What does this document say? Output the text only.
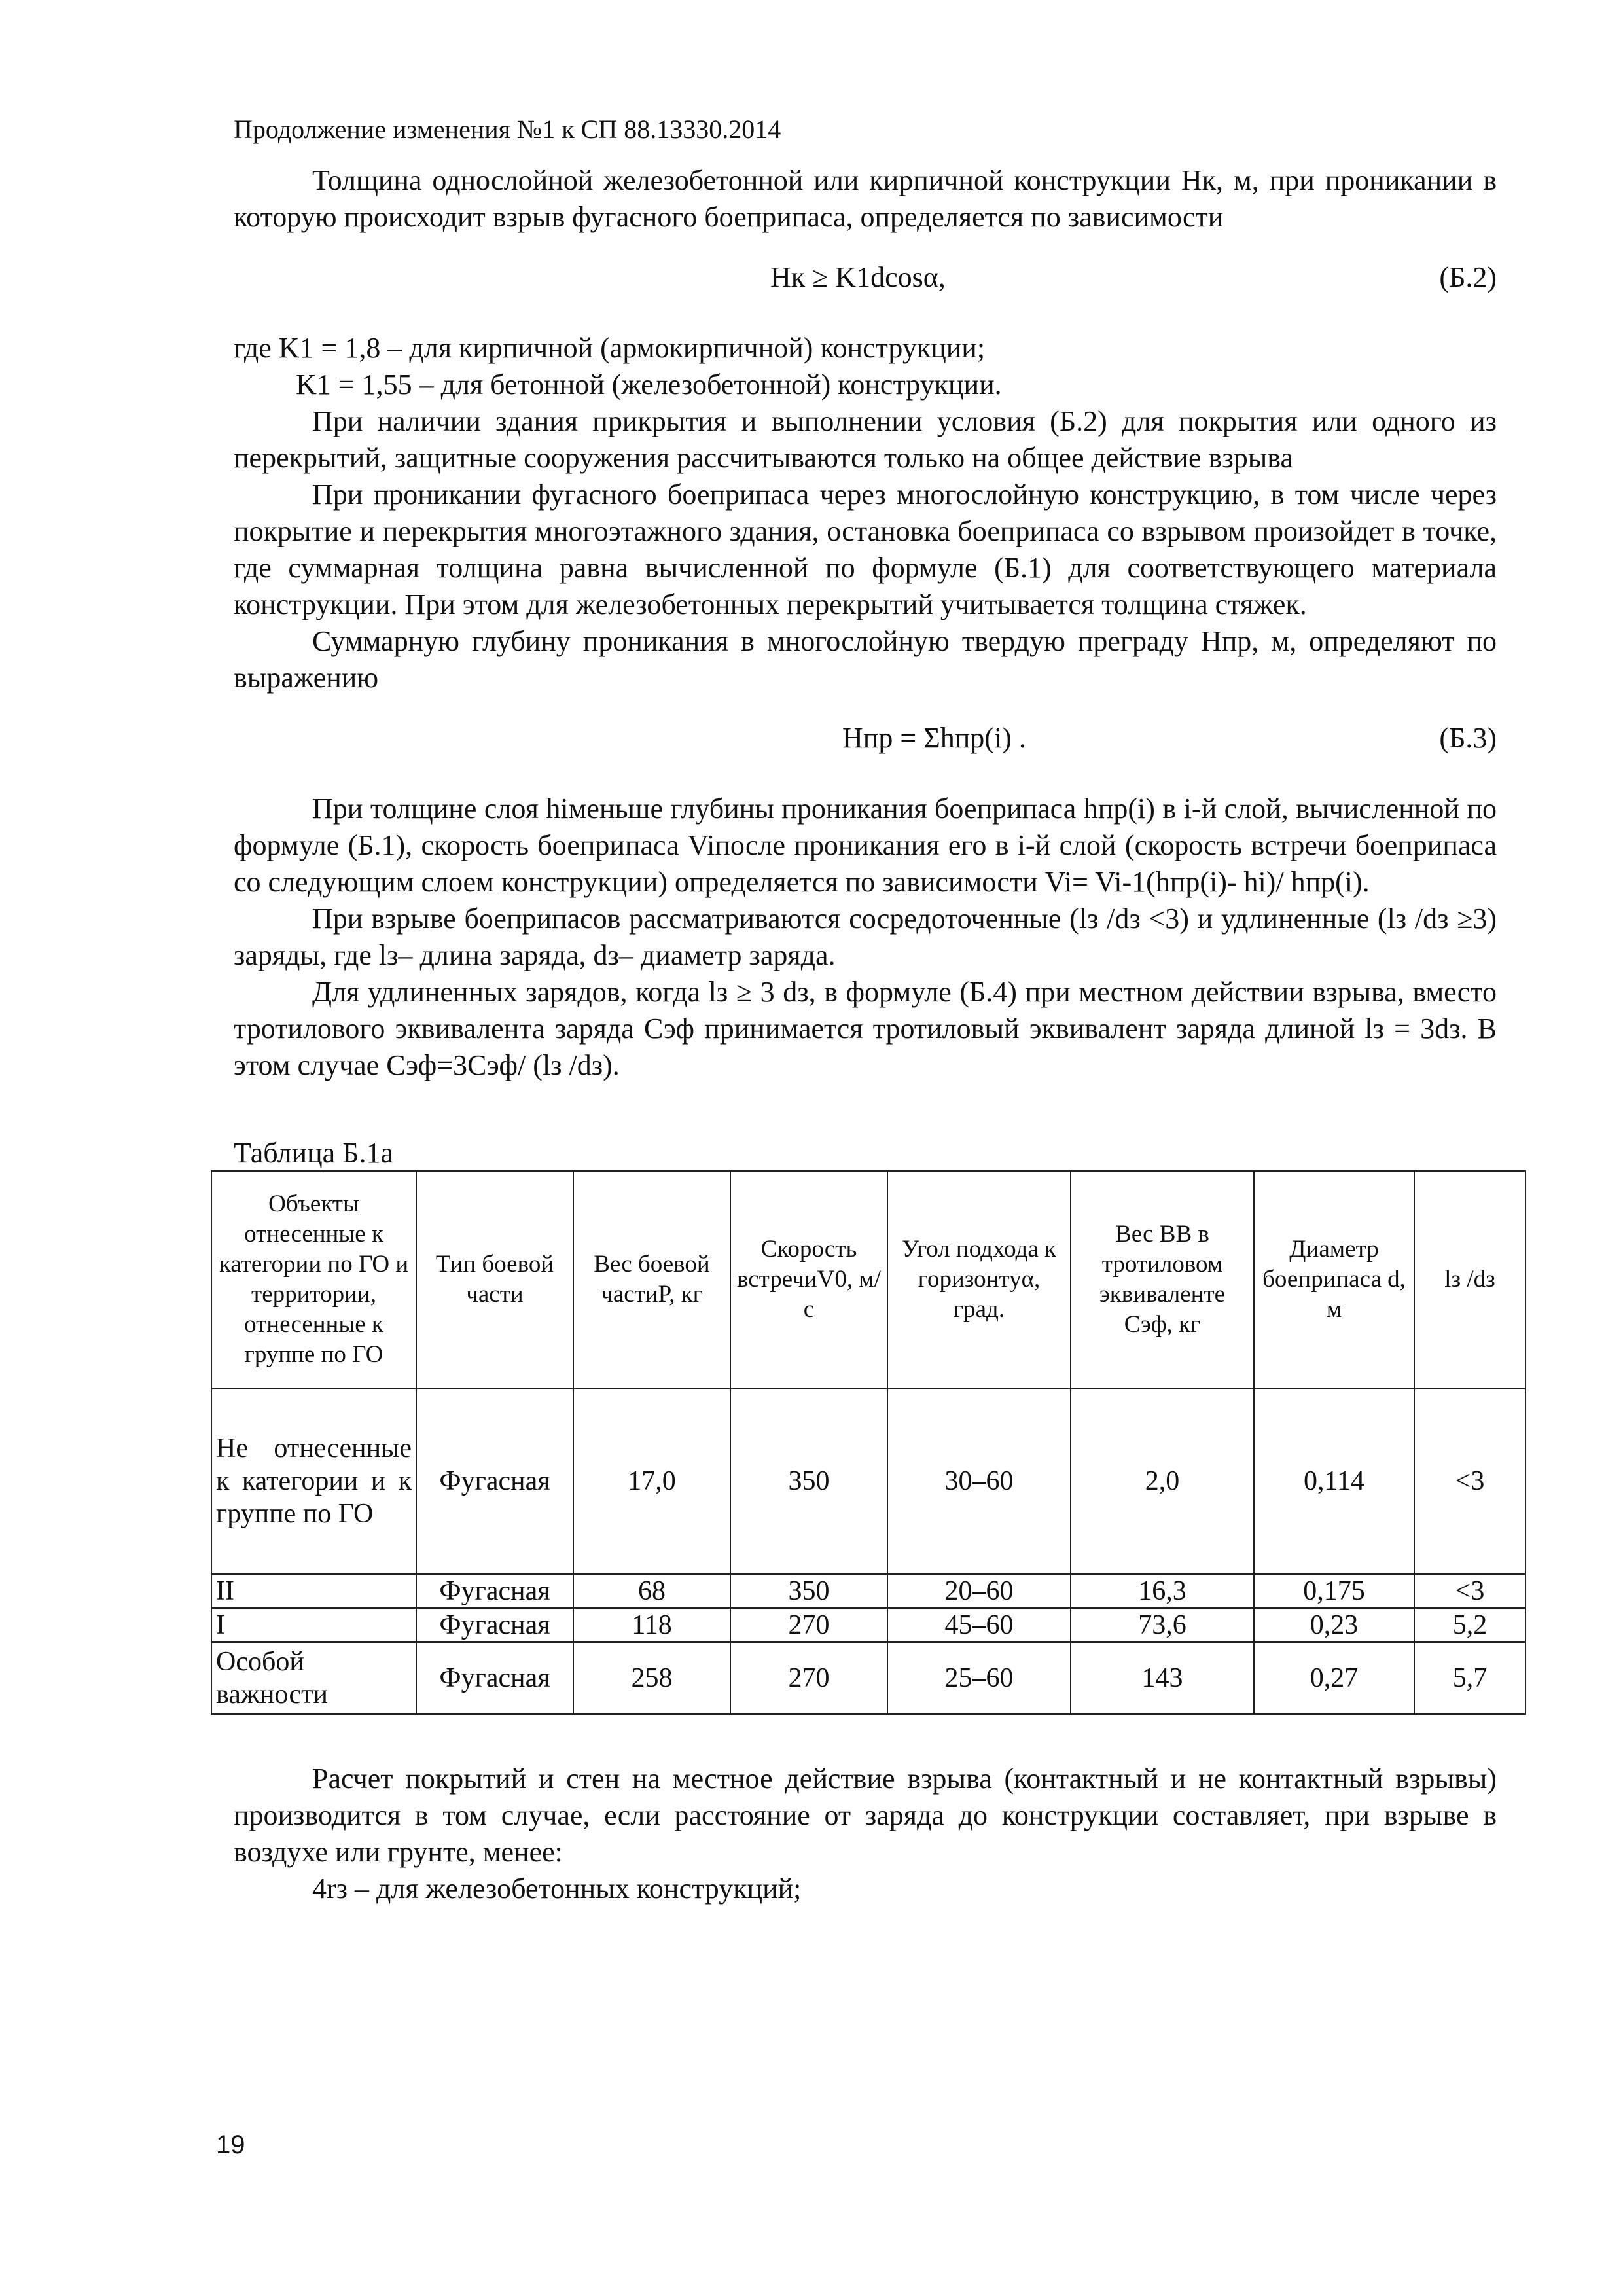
Продолжение изменения №1 к СП 88.13330.2014

Толщина однослойной железобетонной или кирпичной конструкции Hк, м, при проникании в которую происходит взрыв фугасного боеприпаса, определяется по зависимости

Hк ≥ K1dcosα,	(Б.2)

где K1 = 1,8 – для кирпичной (армокирпичной) конструкции;

K1 = 1,55 – для бетонной (железобетонной) конструкции.

При наличии здания прикрытия и выполнении условия (Б.2) для покрытия или одного из перекрытий, защитные сооружения рассчитываются только на общее действие взрыва

При проникании фугасного боеприпаса через многослойную конструкцию, в том числе через покрытие и перекрытия многоэтажного здания, остановка боеприпаса со взрывом произойдет в точке, где суммарная толщина равна вычисленной по формуле (Б.1) для соответствующего материала конструкции. При этом для железобетонных перекрытий учитывается толщина стяжек.

Суммарную глубину проникания в многослойную твердую преграду Hпр, м, определяют по выражению

Hпр = Σhпр(i) .	(Б.3)

При толщине слоя hiменьше глубины проникания боеприпаса hпр(i) в i-й слой, вычисленной по формуле (Б.1), скорость боеприпаса Viпосле проникания его в i-й слой (скорость встречи боеприпаса со следующим слоем конструкции) определяется по зависимости Vi= Vi-1(hпр(i)- hi)/ hпр(i).

При взрыве боеприпасов рассматриваются сосредоточенные (lз /dз <3) и удлиненные (lз /dз ≥3) заряды, где lз– длина заряда, dз– диаметр заряда.

Для удлиненных зарядов, когда lз ≥ 3 dз, в формуле (Б.4) при местном действии взрыва, вместо тротилового эквивалента заряда Сэф принимается тротиловый эквивалент заряда длиной lз = 3dз. В этом случае Сэф=3Сэф/ (lз /dз).

Таблица Б.1а
Объекты отнесенные к категории по ГО и территории, отнесенные к группе по ГО	Тип боевой части	Вес боевой частиP, кг	Скорость встречиV0, м/с	Угол подхода к горизонтуα, град.	Вес ВВ в тротиловом эквиваленте Сэф, кг	Диаметр боеприпаса d, м	lз /dз
Не отнесенные к категории и к группе по ГО	Фугасная	17,0	350	30–60	2,0	0,114	<3
II	Фугасная	68	350	20–60	16,3	0,175	<3
I	Фугасная	118	270	45–60	73,6	0,23	5,2
Особой важности	Фугасная	258	270	25–60	143	0,27	5,7

Расчет покрытий и стен на местное действие взрыва (контактный и не контактный взрывы) производится в том случае, если расстояние от заряда до конструкции составляет, при взрыве в воздухе или грунте, менее:

4rз – для железобетонных конструкций;

19
